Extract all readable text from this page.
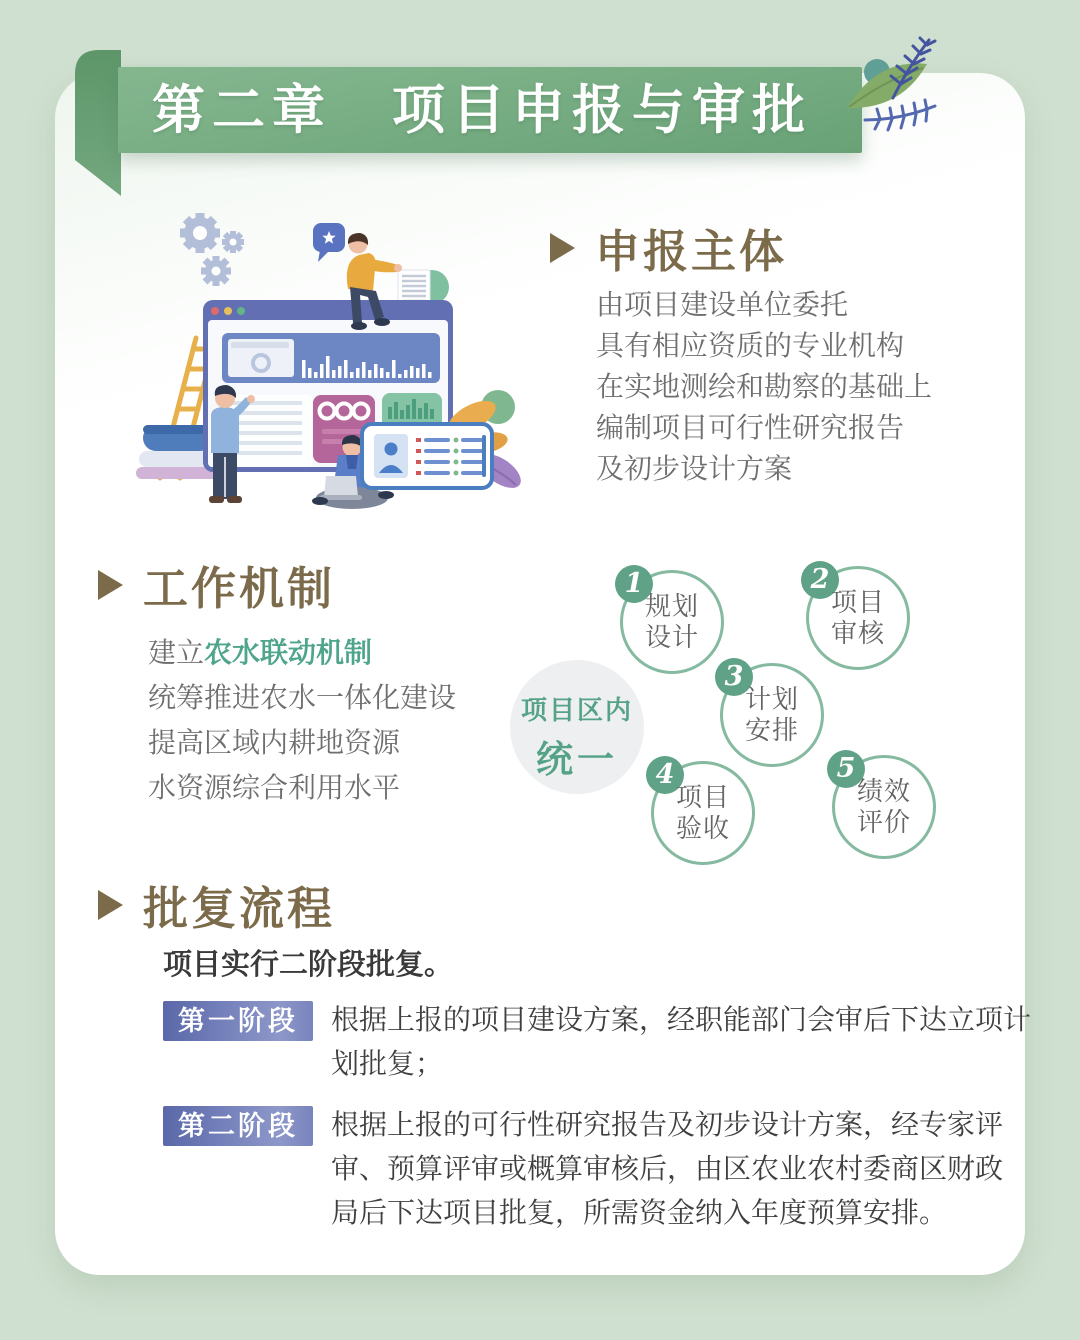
第二章　项目申报与审批
申报主体
由项目建设单位委托
具有相应资质的专业机构
在实地测绘和勘察的基础上
编制项目可行性研究报告
及初步设计方案
工作机制
建立农水联动机制
统筹推进农水一体化建设
提高区域内耕地资源
水资源综合利用水平
项目区内
统一
1
规划
设计
2
项目
审核
3
计划
安排
4
项目
验收
5
绩效
评价
批复流程
项目实行二阶段批复。
第一阶段	根据上报的项目建设方案，经职能部门会审后下达立项计
划批复；
第二阶段	根据上报的可行性研究报告及初步设计方案，经专家评
审、预算评审或概算审核后，由区农业农村委商区财政
局后下达项目批复，所需资金纳入年度预算安排。
